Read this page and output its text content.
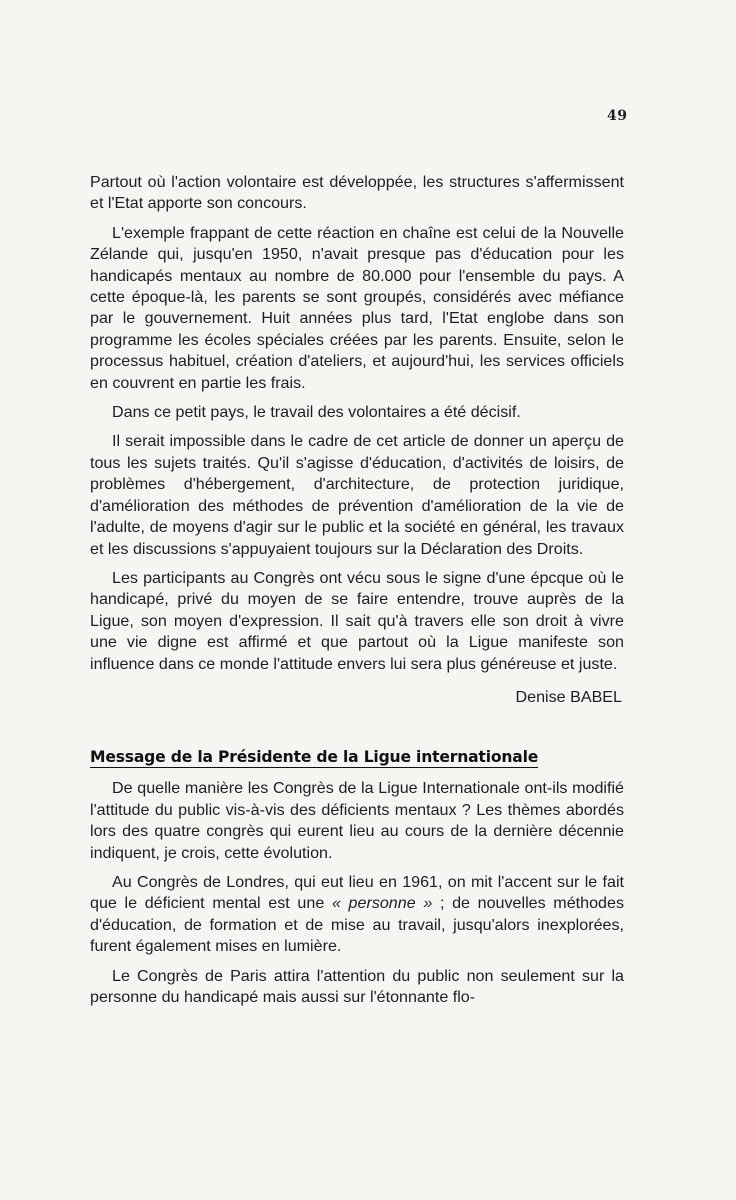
49

Partout où l'action volontaire est développée, les structures s'affermissent et l'Etat apporte son concours.

L'exemple frappant de cette réaction en chaîne est celui de la Nouvelle Zélande qui, jusqu'en 1950, n'avait presque pas d'éducation pour les handicapés mentaux au nombre de 80.000 pour l'ensemble du pays. A cette époque-là, les parents se sont groupés, considérés avec méfiance par le gouvernement. Huit années plus tard, l'Etat englobe dans son programme les écoles spéciales créées par les parents. Ensuite, selon le processus habituel, création d'ateliers, et aujourd'hui, les services officiels en couvrent en partie les frais.

Dans ce petit pays, le travail des volontaires a été décisif.

Il serait impossible dans le cadre de cet article de donner un aperçu de tous les sujets traités. Qu'il s'agisse d'éducation, d'activités de loisirs, de problèmes d'hébergement, d'architecture, de protection juridique, d'amélioration des méthodes de prévention d'amélioration de la vie de l'adulte, de moyens d'agir sur le public et la société en général, les travaux et les discussions s'appuyaient toujours sur la Déclaration des Droits.

Les participants au Congrès ont vécu sous le signe d'une épcque où le handicapé, privé du moyen de se faire entendre, trouve auprès de la Ligue, son moyen d'expression. Il sait qu'à travers elle son droit à vivre une vie digne est affirmé et que partout où la Ligue manifeste son influence dans ce monde l'attitude envers lui sera plus généreuse et juste.

Denise BABEL
Message de la Présidente de la Ligue internationale

De quelle manière les Congrès de la Ligue Internationale ont-ils modifié l'attitude du public vis-à-vis des déficients mentaux ? Les thèmes abordés lors des quatre congrès qui eurent lieu au cours de la dernière décennie indiquent, je crois, cette évolution.

Au Congrès de Londres, qui eut lieu en 1961, on mit l'accent sur le fait que le déficient mental est une « personne » ; de nouvelles méthodes d'éducation, de formation et de mise au travail, jusqu'alors inexplorées, furent également mises en lumière.

Le Congrès de Paris attira l'attention du public non seulement sur la personne du handicapé mais aussi sur l'étonnante flo-
